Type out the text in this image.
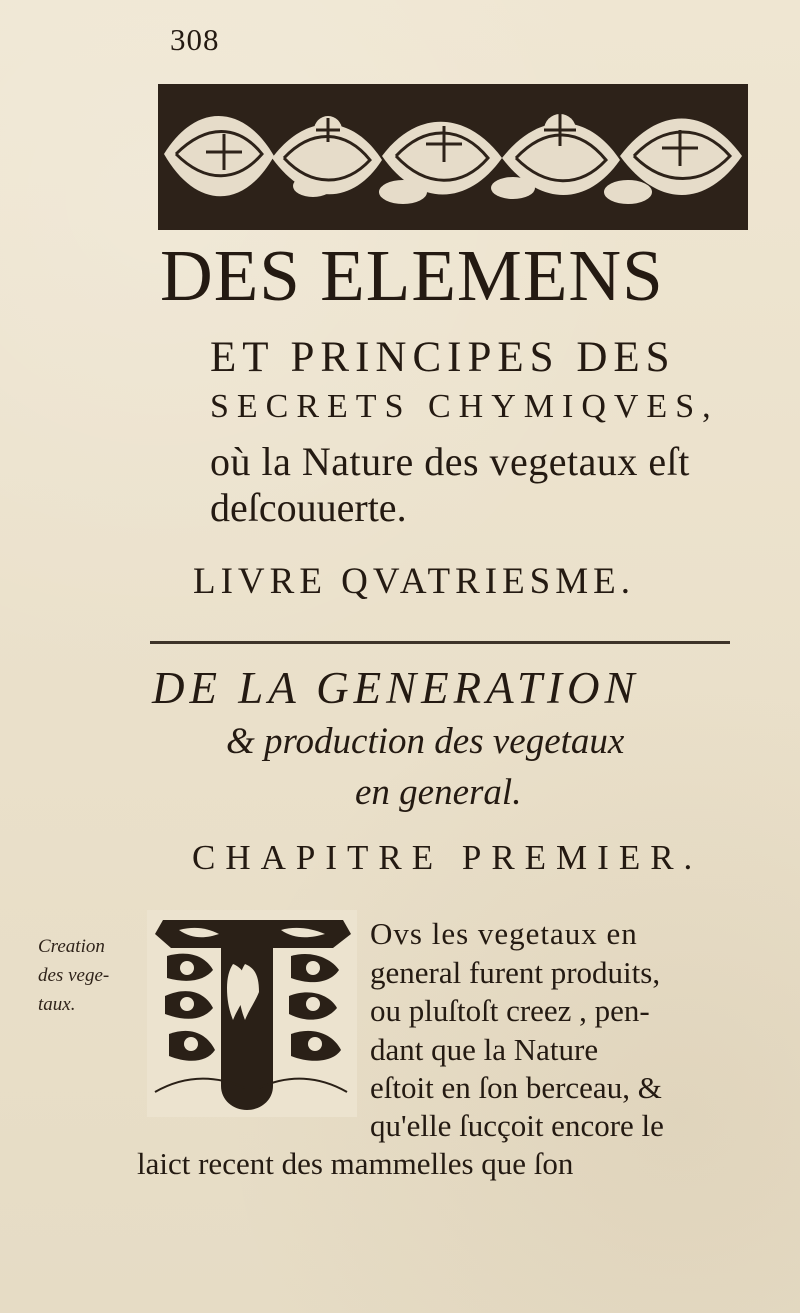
308
DES ELEMENS
ET PRINCIPES DES
SECRETS CHYMIQVES,
où la Nature des vegetaux eſt
deſcouuerte.
LIVRE QVATRIESME.
DE LA GENERATION
& production des vegetaux
en general.
CHAPITRE PREMIER.
Creation
des vege-
taux.
Ovs les vegetaux en
general furent produits,
ou pluſtoſt creez , pen-
dant que la Nature
eſtoit en ſon berceau, &
qu'elle ſucçoit encore le
laict recent des mammelles que ſon
